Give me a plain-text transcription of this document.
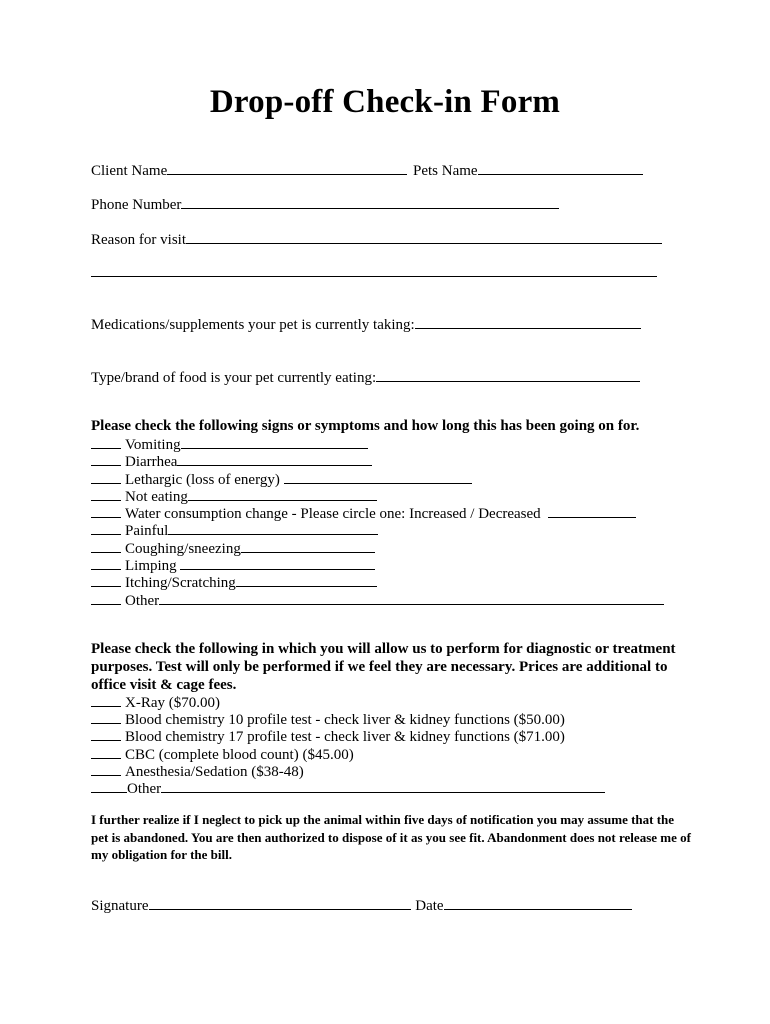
Drop-off Check-in Form
Client Name	Pets Name
Phone Number
Reason for visit
Medications/supplements your pet is currently taking:
Type/brand of food is your pet currently eating:
Please check the following signs or symptoms and how long this has been going on for.
Vomiting
Diarrhea
Lethargic (loss of energy)
Not eating
Water consumption change - Please circle one: Increased / Decreased
Painful
Coughing/sneezing
Limping
Itching/Scratching
Other
Please check the following in which you will allow us to perform for diagnostic or treatment purposes. Test will only be performed if we feel they are necessary. Prices are additional to office visit & cage fees.
X-Ray ($70.00)
Blood chemistry 10 profile test - check liver & kidney functions ($50.00)
Blood chemistry 17 profile test - check liver & kidney functions ($71.00)
CBC (complete blood count) ($45.00)
Anesthesia/Sedation ($38-48)
Other
I further realize if I neglect to pick up the animal within five days of notification you may assume that the pet is abandoned. You are then authorized to dispose of it as you see fit. Abandonment does not release me of my obligation for the bill.
Signature	Date
